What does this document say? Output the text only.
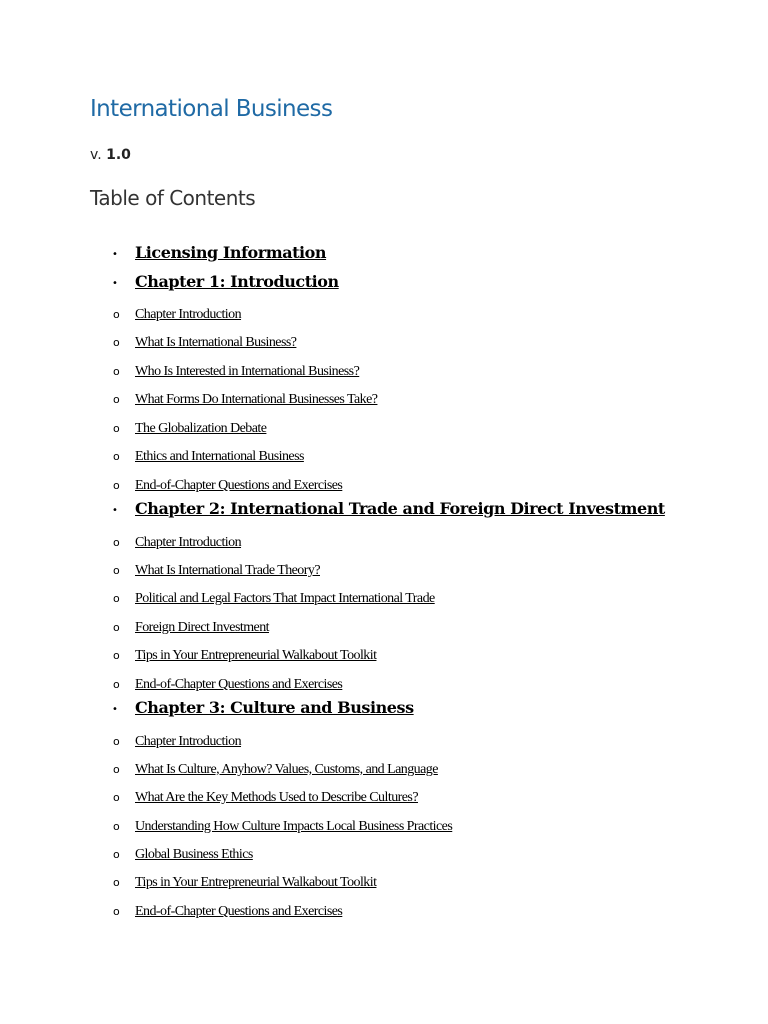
International Business
v. 1.0
Table of Contents
• Licensing Information
• Chapter 1: Introduction
o Chapter Introduction
o What Is International Business?
o Who Is Interested in International Business?
o What Forms Do International Businesses Take?
o The Globalization Debate
o Ethics and International Business
o End-of-Chapter Questions and Exercises
• Chapter 2: International Trade and Foreign Direct Investment
o Chapter Introduction
o What Is International Trade Theory?
o Political and Legal Factors That Impact International Trade
o Foreign Direct Investment
o Tips in Your Entrepreneurial Walkabout Toolkit
o End-of-Chapter Questions and Exercises
• Chapter 3: Culture and Business
o Chapter Introduction
o What Is Culture, Anyhow? Values, Customs, and Language
o What Are the Key Methods Used to Describe Cultures?
o Understanding How Culture Impacts Local Business Practices
o Global Business Ethics
o Tips in Your Entrepreneurial Walkabout Toolkit
o End-of-Chapter Questions and Exercises
